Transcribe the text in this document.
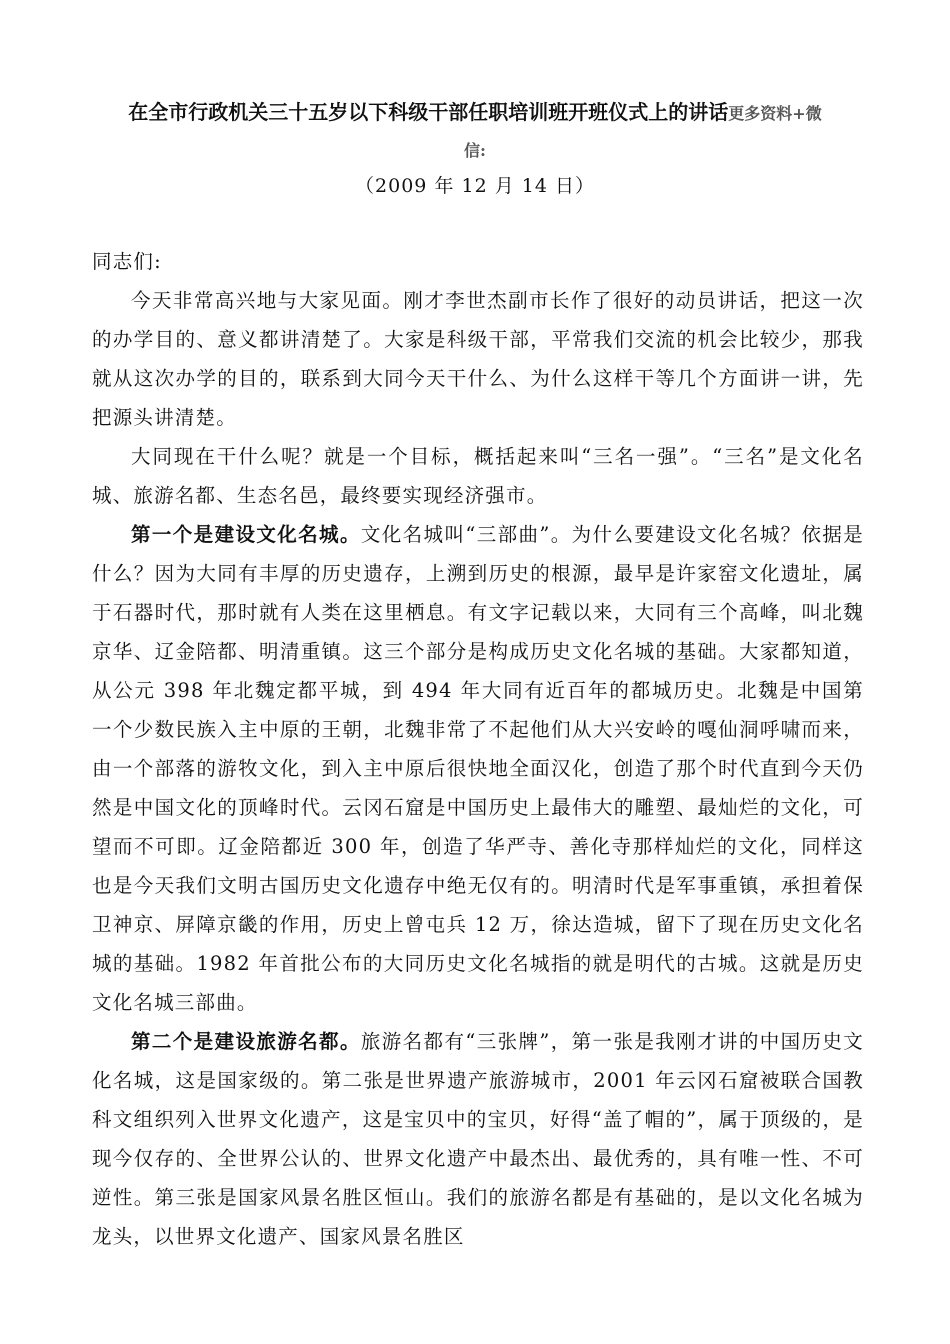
在全市行政机关三十五岁以下科级干部任职培训班开班仪式上的讲话更多资料+微
信:
（2009 年 12 月 14 日）

同志们:

今天非常高兴地与大家见面。刚才李世杰副市长作了很好的动员讲话，把这一次的办学目的、意义都讲清楚了。大家是科级干部，平常我们交流的机会比较少，那我就从这次办学的目的，联系到大同今天干什么、为什么这样干等几个方面讲一讲，先把源头讲清楚。

大同现在干什么呢？就是一个目标，概括起来叫“三名一强”。“三名”是文化名城、旅游名都、生态名邑，最终要实现经济强市。

第一个是建设文化名城。文化名城叫“三部曲”。为什么要建设文化名城？依据是什么？因为大同有丰厚的历史遗存，上溯到历史的根源，最早是许家窑文化遗址，属于石器时代，那时就有人类在这里栖息。有文字记载以来，大同有三个高峰，叫北魏京华、辽金陪都、明清重镇。这三个部分是构成历史文化名城的基础。大家都知道，从公元 398 年北魏定都平城，到 494 年大同有近百年的都城历史。北魏是中国第一个少数民族入主中原的王朝，北魏非常了不起他们从大兴安岭的嘎仙洞呼啸而来，由一个部落的游牧文化，到入主中原后很快地全面汉化，创造了那个时代直到今天仍然是中国文化的顶峰时代。云冈石窟是中国历史上最伟大的雕塑、最灿烂的文化，可望而不可即。辽金陪都近 300 年，创造了华严寺、善化寺那样灿烂的文化，同样这也是今天我们文明古国历史文化遗存中绝无仅有的。明清时代是军事重镇，承担着保卫神京、屏障京畿的作用，历史上曾屯兵 12 万，徐达造城，留下了现在历史文化名城的基础。1982 年首批公布的大同历史文化名城指的就是明代的古城。这就是历史文化名城三部曲。

第二个是建设旅游名都。旅游名都有“三张牌”，第一张是我刚才讲的中国历史文化名城，这是国家级的。第二张是世界遗产旅游城市，2001 年云冈石窟被联合国教科文组织列入世界文化遗产，这是宝贝中的宝贝，好得“盖了帽的”，属于顶级的，是现今仅存的、全世界公认的、世界文化遗产中最杰出、最优秀的，具有唯一性、不可逆性。第三张是国家风景名胜区恒山。我们的旅游名都是有基础的，是以文化名城为龙头，以世界文化遗产、国家风景名胜区
